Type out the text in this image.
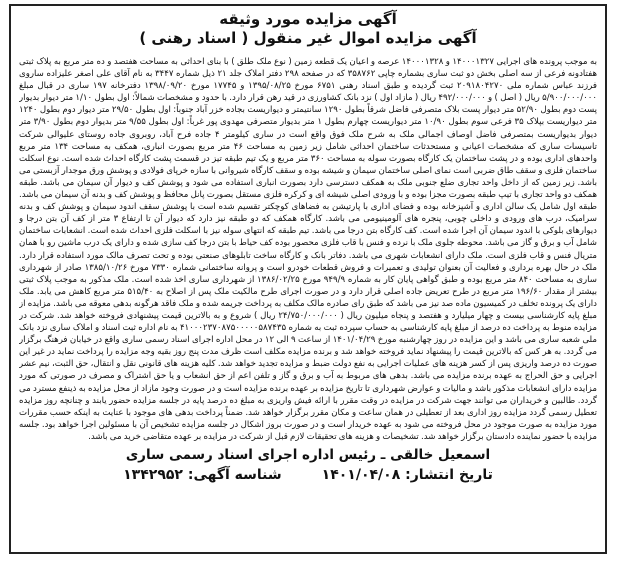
آگهی مزایده مورد وثیقه
آگهی مزایده اموال غیر منقول ( اسناد رهنی )
به موجب پرونده های اجرایی ۱۴۰۰۰۱۳۲۷ و ۱۴۰۰۰۱۳۲۸ عرصه و اعیان یک قطعه زمین ( نوع ملک طلق ) با بنای احداثی به مساحت هفتصد و ده متر مربع به پلاک ثبتی هفتادونه فرعی از سه اصلی بخش دو ثبت ساری بشماره چاپی ۳۵۸۷۶۲ که در صفحه ۲۹۸ دفتر املاک جلد ۲۱ ذیل شماره ۳۴۴۷ به نام آقای علی اصغر علیزاده ساروی فرزند عباس شماره ملی ۲۰۹۱۸۰۴۲۷۰ ثبت گردیده و طبق اسناد رهنی ۶۷۵۱ مورخ ۱۳۹۵/۰۸/۲۵ و ۱۷۷۴۵ مورخ ۱۳۹۸/۰۹/۲۰ دفترخانه ۱۹۷ ساری در قبال مبلغ ۵/۹۰۰/۰۰۰/۰۰۰ ریال ( اصل ) و ۴۹۲/۰۰۰/۰۰۰ ریال ( مازاد اول ) نزد بانک کشاورزی در قید رهن قرار دارد. با حدود و مشخصات شمالاً: اول بطول ۱/۱۰ متر دیوار بدیوار پست دوم بطول ۵۲/۹۰ متر دیوار پست بلاک متصرفی فاضل شرقاً بطول ۱۲۹۰ سانتیمتر و دیواریست بجاده خزر آباد جنوباً: اول بطول ۲۹/۵۰ متر دیوار دوم بطول ۱۲۴۰ متر دیواریست بپلاک ۳۵ فرعی سوم بطول ۱۰/۹۰ متر دیواریست چهارم بطول ۱ متر بدیوار متصرفی مهدوی پور غرباً: اول بطول ۹/۵۵ متر بدیوار دوم بطول ۳/۹۰ متر دیوار بدیواریست بمتصرفی فاضل اوصاف اجمالی ملک به شرح ملک فوق واقع است در ساری کیلومتر ۴ جاده فرح آباد، روبروی جاده روستای علیوالی شرکت تاسیسات ساری که مشخصات اعیانی و مستحدثات ساختمان احداثی شامل زیر زمین به مساحت ۴۶ متر مربع بصورت انباری، همکف به مساحت ۱۳۴ متر مربع واحدهای اداری بوده و در پشت ساختمان یک کارگاه بصورت سوله به مساحت ۳۶۰ متر مربع و یک تیم طبقه تیز در قسمت پشت کارگاه احداث شده است. نوع اسکلت ساختمان فلزی و سقف طاق ضربی است نمای اصلی ساختمان سیمان و شیشه بوده و سقف کارگاه شیروانی با سازه خرپای فولادی و پوشش ورق موجدار آزبستی می باشد. زیر زمین که از داخل واحد تجاری ضلع جنوبی ملک به همکف دسترسی دارد بصورت انباری استفاده می شود و پوشش کف و دیوار آن سیمان می باشد. طبقه همکف دو واحد تجاری با تیپ طبقه بصورت مجزا بوده و با ورودی اصلی شیشه ای و کرکره فلزی مستقل بصورت پانل محافظ و پوشش کف و بدنه آن سیمان می باشد. طبقه اول شامل یک سالن اداری و آشپزخانه بوده و فضای اداری با پارتیشن به فضاهای کوچکتر تقسیم شده است با پوشش سقف اندود سیمان و پوشش کف و بدنه سرامیک، درب های ورودی و داخلی چوبی، پنجره های آلومینیومی می باشد. کارگاه همکف که دو طبقه نیز دارد که دیوار آن تا ارتفاع ۳ متر از کف آن بتن درجا و دیوارهای بلوکی با اندود سیمان آن اجرا شده است. کف کارگاه بتن درجا می باشد. تیم طبقه که انتهای سوله نیز با اسکلت فلزی احداث شده است. انشعابات ساختمان شامل آب و برق و گاز می باشد. محوطه جلوی ملک با نرده و فنس با قاب فلزی محصور بوده کف حیاط با بتن درجا کف سازی شده و دارای یک درب ماشین رو با همان متریال فنس و قاب فلزی است. ملک دارای انشعابات شهری می باشد. دفاتر بانک و کارگاه ساخت تابلوهای صنعتی بوده و تحت تصرف مالک مورد استفاده قرار دارد. ملک در حال بهره برداری و فعالیت آن بعنوان تولیدی و تعمیرات و فروش قطعات خودرو است و پروانه ساختمانی شماره ۷۳۳۰ مورخ ۱۳۸۵/۱۰/۲۶ صادر از شهرداری ساری به مساحت ۸۴۰ متر مربع بوده و طبق گواهی پایان کار به شماره ۹۴۹/۹ مورخ ۱۳۸۶/۰۲/۲۵ از شهرداری ساری اخذ شده است. ملک مذکور به موجب پلاک ثبتی بیشتر از مقدار ۱۹۶/۶۰ متر مربع در طرح تعریض جاده اصلی قرار دارد و در صورت اجرای طرح مالکیت ملک پس از اصلاح به ۵۱۵/۴۰ متر مربع کاهش می یابد. ملک دارای یک پرونده تخلف در کمیسیون ماده صد نیز می باشد که طبق رای صادره مالک مکلف به پرداخت جریمه شده و ملک فاقد هرگونه بدهی معوقه می باشد. مزایده از مبلغ پایه کارشناسی بیست و چهار میلیارد و هفتصد و پنجاه میلیون ریال ( ۲۴/۷۵۰/۰۰۰/۰۰۰ ریال ) شروع و به بالاترین قیمت پیشنهادی فروخته خواهد شد. شرکت در مزایده منوط به پرداخت ده درصد از مبلغ پایه کارشناسی به حساب سپرده ثبت به شماره ۴۱۰۰۰۲۳۷۰۸۷۵۰۰۰۰۰۵۸۷۴۳۵ به نام اداره ثبت اسناد و املاک ساری نزد بانک ملی شعبه ساری می باشد و این مزایده در روز چهارشنبه مورخ ۱۴۰۱/۰۴/۲۹ از ساعت ۹ الی ۱۲ در محل اداره اجرای اسناد رسمی ساری واقع در خیابان فرهنگ برگزار می گردد. به هر کس که بالاترین قیمت را پیشنهاد نماید فروخته خواهد شد و برنده مزایده مکلف است ظرف مدت پنج روز بقیه وجه مزایده را پرداخت نماید در غیر این صورت ده درصد واریزی پس از کسر هزینه های عملیات اجرایی به نفع دولت ضبط و مزایده تجدید خواهد شد. کلیه هزینه های قانونی نقل و انتقال، حق الثبت، نیم عشر اجرایی و حق الحراج به عهده برنده مزایده می باشد. بدهی های مربوط به آب و برق و گاز و تلفن اعم از حق انشعاب و یا حق اشتراک و مصرف در صورتی که مورد مزایده دارای انشعابات مذکور باشد و مالیات و عوارض شهرداری تا تاریخ مزایده بر عهده برنده مزایده است و در صورت وجود مازاد از محل مزایده به ذینفع مسترد می گردد. طالبین و خریداران می توانند جهت شرکت در مزایده در وقت مقرر با ارائه فیش واریزی به مبلغ ده درصد پایه در جلسه مزایده حضور یابند و چنانچه روز مزایده تعطیل رسمی گردد مزایده روز اداری بعد از تعطیلی در همان ساعت و مکان مقرر برگزار خواهد شد. ضمناً پرداخت بدهی های موجود با عنایت به اینکه حسب مقررات مورد مزایده به صورت موجود در محل فروخته می شود به عهده خریدار است و در صورت بروز اشکال در جلسه مزایده تشخیص آن با مسئولین اجرا خواهد بود. جلسه مزایده با حضور نماینده دادستان برگزار خواهد شد. تشخیصات و هزینه های تحقیقات لازم قبل از شرکت در مزایده بر عهده متقاضی خرید می باشد.
اسمعیل خالقی ـ رئیس اداره اجرای اسناد رسمی ساری
تاریخ انتشار: ۱۴۰۱/۰۴/۰۸
شناسه آگهی: ۱۳۴۲۹۵۲
